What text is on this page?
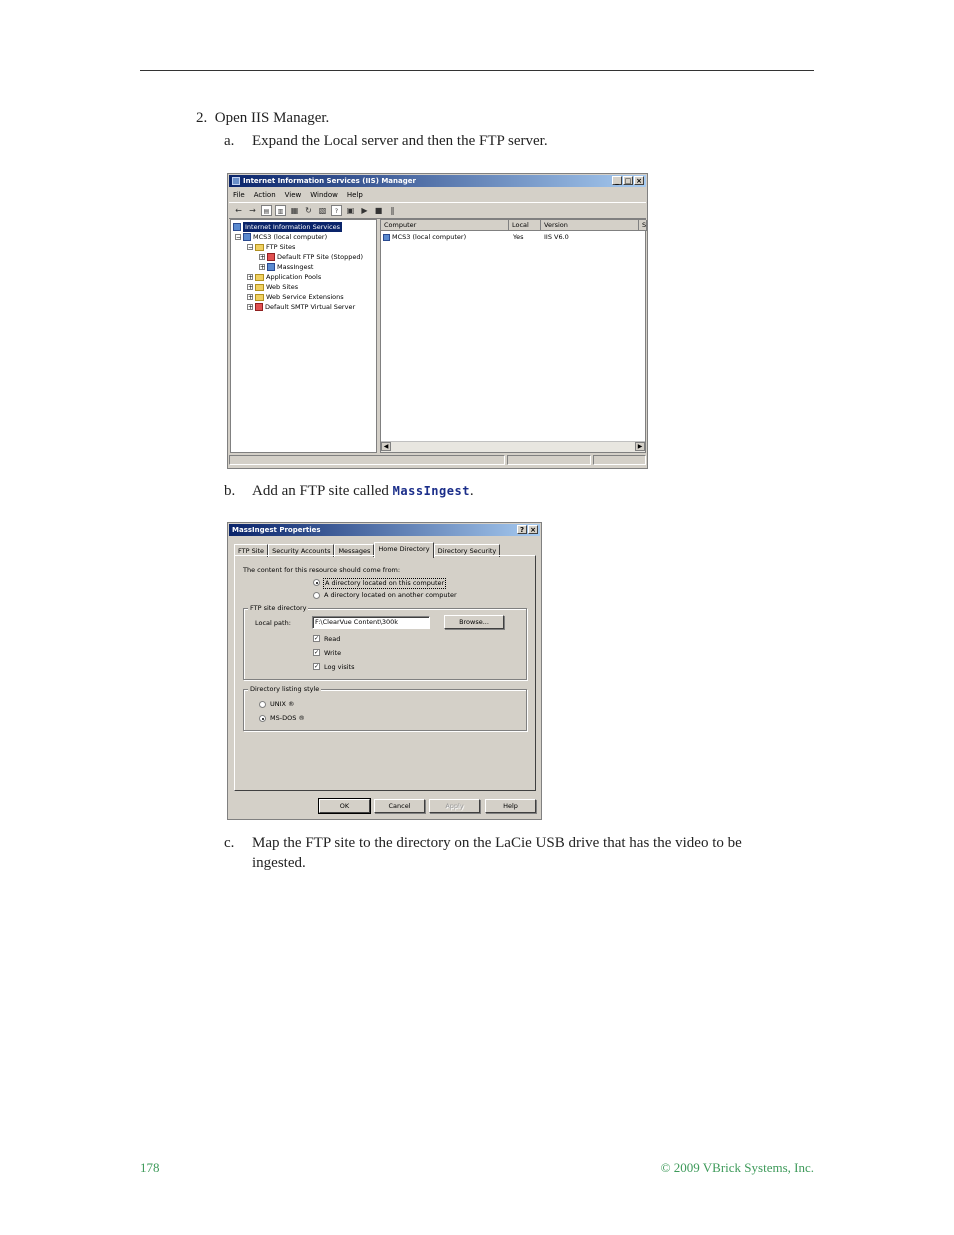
2.  Open IIS Manager.
a. Expand the Local server and then the FTP server.
Internet Information Services (IIS) Manager	_ □ ×
File Action View Window Help
← →	▤	▥ ▦ ↻ ▧	?	▣ ▶ ■	‖
Internet Information Services
− MCS3 (local computer)
− FTP Sites
+ Default FTP Site (Stopped)
+ MassIngest
+ Application Pools
+ Web Sites
+ Web Service Extensions
+ Default SMTP Virtual Server
Computer	Local	Version	S
MCS3 (local computer)	Yes	IIS V6.0
◀	▶
b. Add an FTP site called MassIngest.
MassIngest Properties	? ×
FTP Site	Security Accounts	Messages	Home Directory	Directory Security
The content for this resource should come from:
A directory located on this computer
A directory located on another computer
FTP site directory
Local path:	F:\ClearVue Content\300k	Browse...
✓ Read
✓ Write
✓ Log visits
Directory listing style
UNIX ®
MS-DOS ®
OK	Cancel	Apply	Help
c. Map the FTP site to the directory on the LaCie USB drive that has the video to be
ingested.
178	© 2009 VBrick Systems, Inc.
